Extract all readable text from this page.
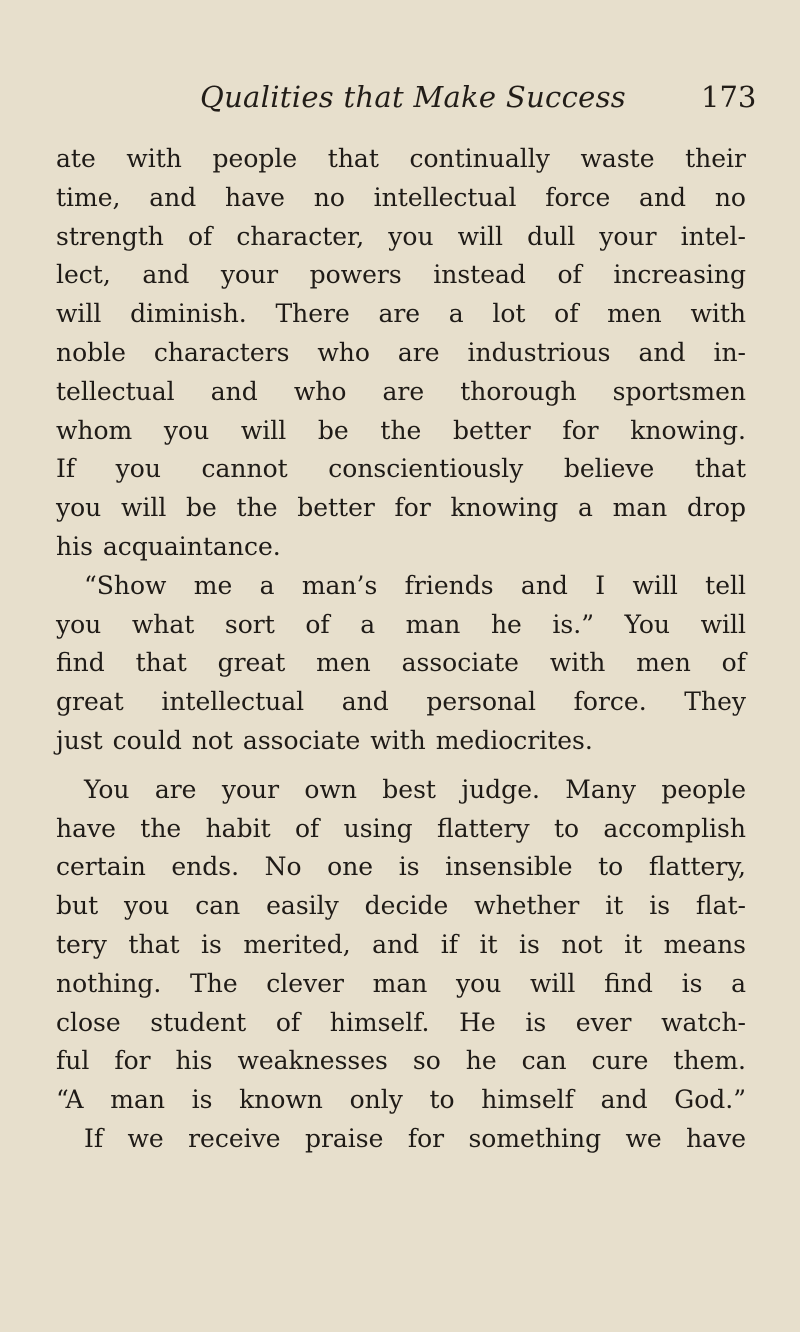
Qualities that Make Success	173
ate with people that continually waste their
time, and have no intellectual force and no
strength of character, you will dull your intel-
lect, and your powers instead of increasing
will diminish. There are a lot of men with
noble characters who are industrious and in-
tellectual and who are thorough sportsmen
whom you will be the better for knowing.
If you cannot conscientiously believe that
you will be the better for knowing a man drop
his acquaintance.
“Show me a man’s friends and I will tell
you what sort of a man he is.” You will
find that great men associate with men of
great intellectual and personal force. They
just could not associate with mediocrites.
You are your own best judge. Many people
have the habit of using flattery to accomplish
certain ends. No one is insensible to flattery,
but you can easily decide whether it is flat-
tery that is merited, and if it is not it means
nothing. The clever man you will find is a
close student of himself. He is ever watch-
ful for his weaknesses so he can cure them.
“A man is known only to himself and God.”
If we receive praise for something we have
